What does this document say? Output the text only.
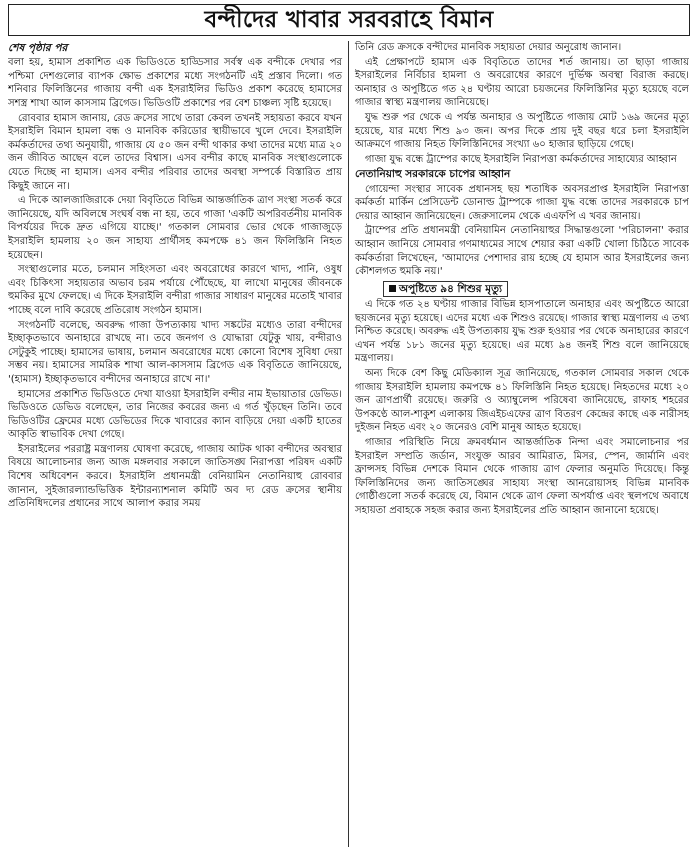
বন্দীদের খাবার সরবরাহে বিমান
শেষ পৃষ্ঠার পর

বলা হয়, হামাস প্রকাশিত এক ভিডিওতে হাড্ডিসার সর্বস্ব এক বন্দীকে দেখার পর পশ্চিমা দেশগুলোর ব্যাপক ক্ষোভ প্রকাশের মধ্যে সংগঠনটি এই প্রস্তাব দিলো। গত শনিবার ফিলিস্তিনের গাজায় বন্দী এক ইসরাইলির ভিডিও প্রকাশ করেছে হামাসের সশস্ত্র শাখা আল কাসসাম ব্রিগেড। ভিডিওটি প্রকাশের পর বেশ চাঞ্চল্য সৃষ্টি হয়েছে।

রোববার হামাস জানায়, রেড ক্রসের সাথে তারা কেবল তখনই সহায়তা করবে যখন ইসরাইলি বিমান হামলা বন্ধ ও মানবিক করিডোর স্থায়ীভাবে খুলে দেবে। ইসরাইলি কর্মকর্তাদের তথ্য অনুযায়ী, গাজায় যে ৫০ জন বন্দী থাকার কথা তাদের মধ্যে মাত্র ২০ জন জীবিত আছেন বলে তাদের বিশ্বাস। এসব বন্দীর কাছে মানবিক সংস্থাগুলোকে যেতে দিচ্ছে না হামাস। এসব বন্দীর পরিবার তাদের অবস্থা সম্পর্কে বিস্তারিত প্রায় কিছুই জানে না।

এ দিকে আলজাজিরাকে দেয়া বিবৃতিতে বিভিন্ন আন্তর্জাতিক ত্রাণ সংস্থা সতর্ক করে জানিয়েছে, যদি অবিলম্বে সংঘর্ষ বন্ধ না হয়, তবে গাজা 'একটি অপরিবর্তনীয় মানবিক বিপর্যয়ের দিকে দ্রুত এগিয়ে যাচ্ছে।' গতকাল সোমবার ভোর থেকে গাজাজুড়ে ইসরাইলি হামলায় ২০ জন সাহায্য প্রার্থীসহ কমপক্ষে ৪১ জন ফিলিস্তিনি নিহত হয়েছেন।

সংস্থাগুলোর মতে, চলমান সহিংসতা এবং অবরোধের কারণে খাদ্য, পানি, ওষুধ এবং চিকিৎসা সহায়তার অভাব চরম পর্যায়ে পৌঁছেছে, যা লাখো মানুষের জীবনকে হুমকির মুখে ফেলছে। এ দিকে ইসরাইলি বন্দীরা গাজার সাধারণ মানুষের মতোই খাবার পাচ্ছে বলে দাবি করেছে প্রতিরোধ সংগঠন হামাস।

সংগঠনটি বলেছে, অবরুদ্ধ গাজা উপত্যকায় খাদ্য সঙ্কটের মধ্যেও তারা বন্দীদের ইচ্ছাকৃতভাবে অনাহারে রাখছে না। তবে জনগণ ও যোদ্ধারা যেটুকু খায়, বন্দীরাও সেটুকুই পাচ্ছে। হামাসের ভাষায়, চলমান অবরোধের মধ্যে কোনো বিশেষ সুবিধা দেয়া সম্ভব নয়। হামাসের সামরিক শাখা আল-কাসসাম ব্রিগেড এক বিবৃতিতে জানিয়েছে, '(হামাস) ইচ্ছাকৃতভাবে বন্দীদের অনাহারে রাখে না।'

হামাসের প্রকাশিত ভিডিওতে দেখা যাওয়া ইসরাইলি বন্দীর নাম ইভায়াতার ডেভিড। ভিডিওতে ডেভিড বলেছেন, তার নিজের কবরের জন্য এ গর্ত খুঁড়ছেন তিনি। তবে ভিডিওটির ফ্রেমের মধ্যে ডেভিডের দিকে খাবারের ক্যান বাড়িয়ে দেয়া একটি হাতের আকৃতি স্বাভাবিক দেখা গেছে।

ইসরাইলের পররাষ্ট্র মন্ত্রণালয় ঘোষণা করেছে, গাজায় আটক থাকা বন্দীদের অবস্থার বিষয়ে আলোচনার জন্য আজ মঙ্গলবার সকালে জাতিসঙ্ঘ নিরাপত্তা পরিষদ একটি বিশেষ অধিবেশন করবে। ইসরাইলি প্রধানমন্ত্রী বেনিয়ামিন নেতানিয়াহু রোববার জানান, সুইজারল্যান্ডভিত্তিক ইন্টারন্যাশনাল কমিটি অব দ্য রেড ক্রসের স্থানীয় প্রতিনিধিদলের প্রধানের সাথে আলাপ করার সময়

তিনি রেড ক্রসকে বন্দীদের মানবিক সহায়তা দেয়ার অনুরোধ জানান।

এই প্রেক্ষাপটে হামাস এক বিবৃতিতে তাদের শর্ত জানায়। তা ছাড়া গাজায় ইসরাইলের নির্বিচার হামলা ও অবরোধের কারণে দুর্ভিক্ষ অবস্থা বিরাজ করছে। অনাহার ও অপুষ্টিতে গত ২৪ ঘণ্টায় আরো চয়জনের ফিলিস্তিনির মৃত্যু হয়েছে বলে গাজার স্বাস্থ্য মন্ত্রণালয় জানিয়েছে।

যুদ্ধ শুরু পর থেকে এ পর্যন্ত অনাহার ও অপুষ্টিতে গাজায় মোট ১৬৯ জনের মৃত্যু হয়েছে, যার মধ্যে শিশু ৯৩ জন। অপর দিকে প্রায় দুই বছর ধরে চলা ইসরাইলি আক্রমণে গাজায় নিহত ফিলিস্তিনিদের সংখ্যা ৬০ হাজার ছাড়িয়ে গেছে।

গাজা যুদ্ধ বন্ধে ট্রাম্পের কাছে ইসরাইলি নিরাপত্তা কর্মকর্তাদের সাহায্যের আহ্বান

নেতানিয়াহু সরকারকে চাপের আহ্বান

গোয়েন্দা সংস্থার সাবেক প্রধানসহ ছয় শতাধিক অবসরপ্রাপ্ত ইসরাইলি নিরাপত্তা কর্মকর্তা মার্কিন প্রেসিডেন্ট ডোনাল্ড ট্রাম্পকে গাজা যুদ্ধ বন্ধে তাদের সরকারকে চাপ দেয়ার আহ্বান জানিয়েছেন। জেরুসালেম থেকে এএফপি এ খবর জানায়।

ট্রাম্পের প্রতি প্রধানমন্ত্রী বেনিয়ামিন নেতানিয়াহুর সিদ্ধান্তগুলো 'পরিচালনা' করার আহ্বান জানিয়ে সোমবার গণমাধ্যমের সাথে শেয়ার করা একটি খোলা চিঠিতে সাবেক কর্মকর্তারা লিখেছেন, 'আমাদের পেশাদার রায় হচ্ছে যে হামাস আর ইসরাইলের জন্য কৌশলগত হুমকি নয়।'

অপুষ্টিতে ৯৪ শিশুর মৃত্যু

এ দিকে গত ২৪ ঘণ্টায় গাজার বিভিন্ন হাসপাতালে অনাহার এবং অপুষ্টিতে আরো ছয়জনের মৃত্যু হয়েছে। এদের মধ্যে এক শিশুও রয়েছে। গাজার স্বাস্থ্য মন্ত্রণালয় এ তথ্য নিশ্চিত করেছে। অবরুদ্ধ এই উপত্যকায় যুদ্ধ শুরু হওয়ার পর থেকে অনাহারের কারণে এখন পর্যন্ত ১৮১ জনের মৃত্যু হয়েছে। এর মধ্যে ৯৪ জনই শিশু বলে জানিয়েছে মন্ত্রণালয়।

অন্য দিকে বেশ কিছু মেডিক্যাল সূত্র জানিয়েছে, গতকাল সোমবার সকাল থেকে গাজায় ইসরাইলি হামলায় কমপক্ষে ৪১ ফিলিস্তিনি নিহত হয়েছে। নিহতদের মধ্যে ২০ জন ত্রাণপ্রার্থী রয়েছে। জরুরি ও অ্যাম্বুলেন্স পরিষেবা জানিয়েছে, রাফাহ শহরের উপকণ্ঠে আল-শাকুশ এলাকায় জিএইচএফের ত্রাণ বিতরণ কেন্দ্রের কাছে এক নারীসহ দুইজন নিহত এবং ২০ জনেরও বেশি মানুষ আহত হয়েছে।

গাজার পরিস্থিতি নিয়ে ক্রমবর্ধমান আন্তর্জাতিক নিন্দা এবং সমালোচনার পর ইসরাইল সম্প্রতি জর্ডান, সংযুক্ত আরব আমিরাত, মিসর, স্পেন, জার্মানি এবং ফ্রান্সসহ বিভিন্ন দেশকে বিমান থেকে গাজায় ত্রাণ ফেলার অনুমতি দিয়েছে। কিন্তু ফিলিস্তিনিদের জন্য জাতিসঙ্ঘের সাহায্য সংস্থা আনরোয়াসহ বিভিন্ন মানবিক গোষ্ঠীগুলো সতর্ক করেছে যে, বিমান থেকে ত্রাণ ফেলা অপর্যাপ্ত এবং স্থলপথে অবাধে সহায়তা প্রবাহকে সহজ করার জন্য ইসরাইলের প্রতি আহ্বান জানানো হয়েছে।
